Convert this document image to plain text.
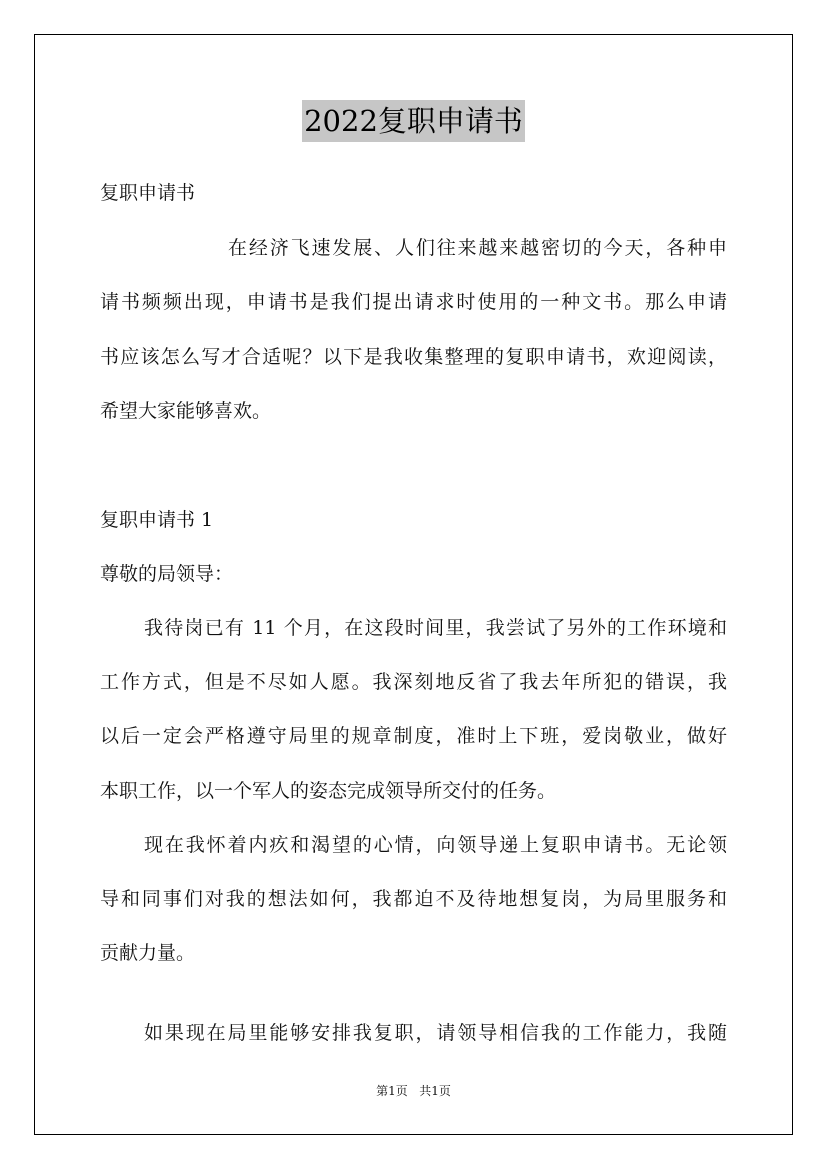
2022复职申请书
复职申请书
在经济飞速发展、人们往来越来越密切的今天，各种申
请书频频出现，申请书是我们提出请求时使用的一种文书。那么申请
书应该怎么写才合适呢？以下是我收集整理的复职申请书，欢迎阅读，
希望大家能够喜欢。
复职申请书 1
尊敬的局领导：
我待岗已有 11 个月，在这段时间里，我尝试了另外的工作环境和
工作方式，但是不尽如人愿。我深刻地反省了我去年所犯的错误，我
以后一定会严格遵守局里的规章制度，准时上下班，爱岗敬业，做好
本职工作，以一个军人的姿态完成领导所交付的任务。
现在我怀着内疚和渴望的心情，向领导递上复职申请书。无论领
导和同事们对我的想法如何，我都迫不及待地想复岗，为局里服务和
贡献力量。
如果现在局里能够安排我复职，请领导相信我的工作能力，我随
第1页 共1页
